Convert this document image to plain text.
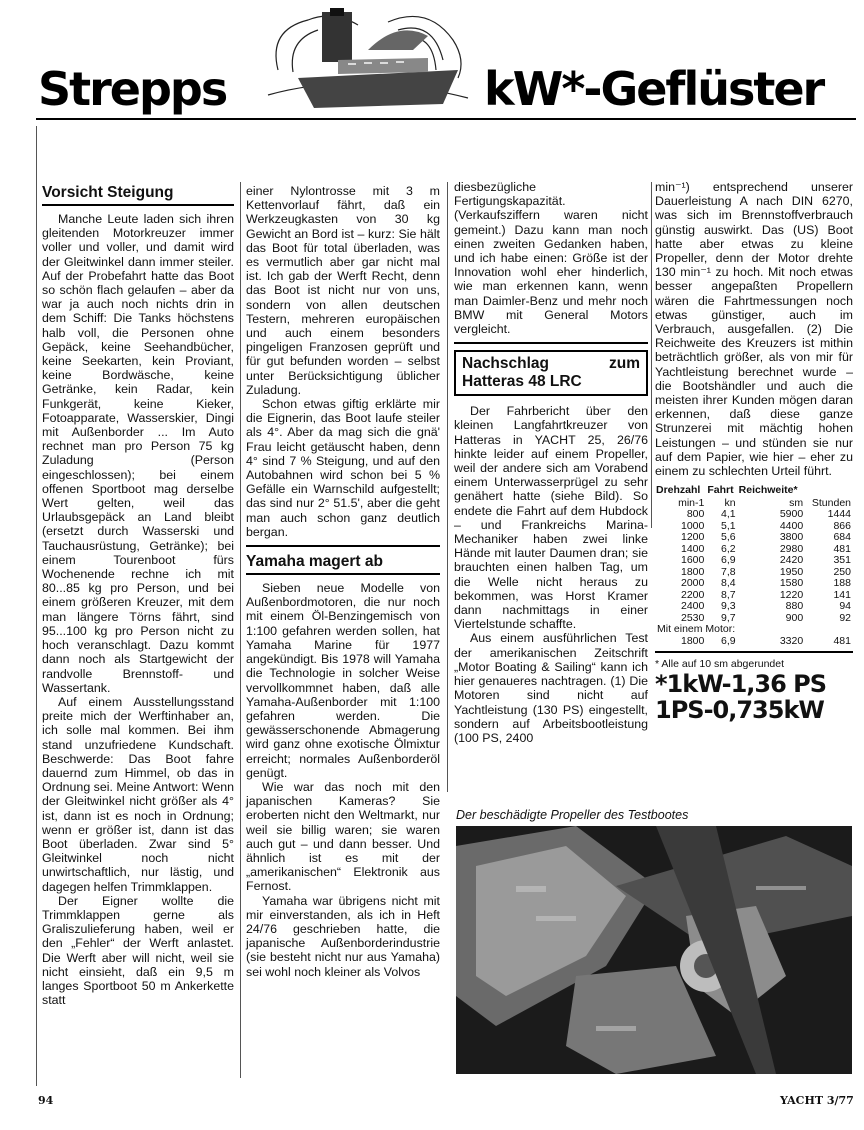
Strepps	kW*-Geflüster
Vorsicht Steigung

Manche Leute laden sich ihren gleitenden Motorkreuzer immer voller und voller, und damit wird der Gleitwinkel dann immer steiler. Auf der Probefahrt hatte das Boot so schön flach gelaufen – aber da war ja auch noch nichts drin in dem Schiff: Die Tanks höchstens halb voll, die Personen ohne Gepäck, keine Seehandbücher, keine Seekarten, kein Proviant, keine Bordwäsche, keine Getränke, kein Radar, kein Funkgerät, keine Kieker, Fotoapparate, Wasserskier, Dingi mit Außenborder ... Im Auto rechnet man pro Person 75 kg Zuladung (Person eingeschlossen); bei einem offenen Sportboot mag derselbe Wert gelten, weil das Urlaubsgepäck an Land bleibt (ersetzt durch Wasserski und Tauchausrüstung, Getränke); bei einem Tourenboot fürs Wochenende rechne ich mit 80...85 kg pro Person, und bei einem größeren Kreuzer, mit dem man längere Törns fährt, sind 95...100 kg pro Person nicht zu hoch veranschlagt. Dazu kommt dann noch als Startgewicht der randvolle Brennstoff- und Wassertank.

Auf einem Ausstellungsstand preite mich der Werftinhaber an, ich solle mal kommen. Bei ihm stand unzufriedene Kundschaft. Beschwerde: Das Boot fahre dauernd zum Himmel, ob das in Ordnung sei. Meine Antwort: Wenn der Gleitwinkel nicht größer als 4° ist, dann ist es noch in Ordnung; wenn er größer ist, dann ist das Boot überladen. Zwar sind 5° Gleitwinkel noch nicht unwirtschaftlich, nur lästig, und dagegen helfen Trimmklappen.

Der Eigner wollte die Trimmklappen gerne als Graliszulieferung haben, weil er den „Fehler“ der Werft anlastet. Die Werft aber will nicht, weil sie nicht einsieht, daß ein 9,5 m langes Sportboot 50 m Ankerkette statt

einer Nylontrosse mit 3 m Kettenvorlauf fährt, daß ein Werkzeugkasten von 30 kg Gewicht an Bord ist – kurz: Sie hält das Boot für total überladen, was es vermutlich aber gar nicht mal ist. Ich gab der Werft Recht, denn das Boot ist nicht nur von uns, sondern von allen deutschen Testern, mehreren europäischen und auch einem besonders pingeligen Franzosen geprüft und für gut befunden worden – selbst unter Berücksichtigung üblicher Zuladung.

Schon etwas giftig erklärte mir die Eignerin, das Boot laufe steiler als 4°. Aber da mag sich die gnä' Frau leicht getäuscht haben, denn 4° sind 7 % Steigung, und auf den Autobahnen wird schon bei 5 % Gefälle ein Warnschild aufgestellt; das sind nur 2° 51.5', aber die geht man auch schon ganz deutlich bergan.

Yamaha magert ab

Sieben neue Modelle von Außenbordmotoren, die nur noch mit einem Öl-Benzingemisch von 1:100 gefahren werden sollen, hat Yamaha Marine für 1977 angekündigt. Bis 1978 will Yamaha die Technologie in solcher Weise vervollkommnet haben, daß alle Yamaha-Außenborder mit 1:100 gefahren werden. Die gewässerschonende Abmagerung wird ganz ohne exotische Ölmixtur erreicht; normales Außenborderöl genügt.

Wie war das noch mit den japanischen Kameras? Sie eroberten nicht den Weltmarkt, nur weil sie billig waren; sie waren auch gut – und dann besser. Und ähnlich ist es mit der „amerikanischen“ Elektronik aus Fernost.

Yamaha war übrigens nicht mit mir einverstanden, als ich in Heft 24/76 geschrieben hatte, die japanische Außenborderindustrie (sie besteht nicht nur aus Yamaha) sei wohl noch kleiner als Volvos

diesbezügliche Fertigungskapazität. (Verkaufsziffern waren nicht gemeint.) Dazu kann man noch einen zweiten Gedanken haben, und ich habe einen: Größe ist der Innovation wohl eher hinderlich, wie man erkennen kann, wenn man Daimler-Benz und mehr noch BMW mit General Motors vergleicht.

Nachschlag zum Hatteras 48 LRC

Der Fahrbericht über den kleinen Langfahrtkreuzer von Hatteras in YACHT 25, 26/76 hinkte leider auf einem Propeller, weil der andere sich am Vorabend einem Unterwasserprügel zu sehr genähert hatte (siehe Bild). So endete die Fahrt auf dem Hubdock – und Frankreichs Marina-Mechaniker haben zwei linke Hände mit lauter Daumen dran; sie brauchten einen halben Tag, um die Welle nicht heraus zu bekommen, was Horst Kramer dann nachmittags in einer Viertelstunde schaffte.

Aus einem ausführlichen Test der amerikanischen Zeitschrift „Motor Boating & Sailing“ kann ich hier genaueres nachtragen. (1) Die Motoren sind nicht auf Yachtleistung (130 PS) eingestellt, sondern auf Arbeitsbootleistung (100 PS, 2400

min⁻¹) entsprechend unserer Dauerleistung A nach DIN 6270, was sich im Brennstoffverbrauch günstig auswirkt. Das (US) Boot hatte aber etwas zu kleine Propeller, denn der Motor drehte 130 min⁻¹ zu hoch. Mit noch etwas besser angepaßten Propellern wären die Fahrtmessungen noch etwas günstiger, auch im Verbrauch, ausgefallen. (2) Die Reichweite des Kreuzers ist mithin beträchtlich größer, als von mir für Yachtleistung berechnet wurde – die Bootshändler und auch die meisten ihrer Kunden mögen daran erkennen, daß diese ganze Strunzerei mit mächtig hohen Leistungen – und stünden sie nur auf dem Papier, wie hier – eher zu einem zu schlechten Urteil führt.

Drehzahl	Fahrt	Reichweite*	
min-1	kn	sm	Stunden
800	4,1	5900	1444
1000	5,1	4400	866
1200	5,6	3800	684
1400	6,2	2980	481
1600	6,9	2420	351
1800	7,8	1950	250
2000	8,4	1580	188
2200	8,7	1220	141
2400	9,3	880	94
2530	9,7	900	92
Mit einem Motor:			
1800	6,9	3320	481
* Alle auf 10 sm abgerundet
*1kW-1,36 PS
1PS-0,735kW
Der beschädigte Propeller des Testbootes
94	YACHT 3/77
